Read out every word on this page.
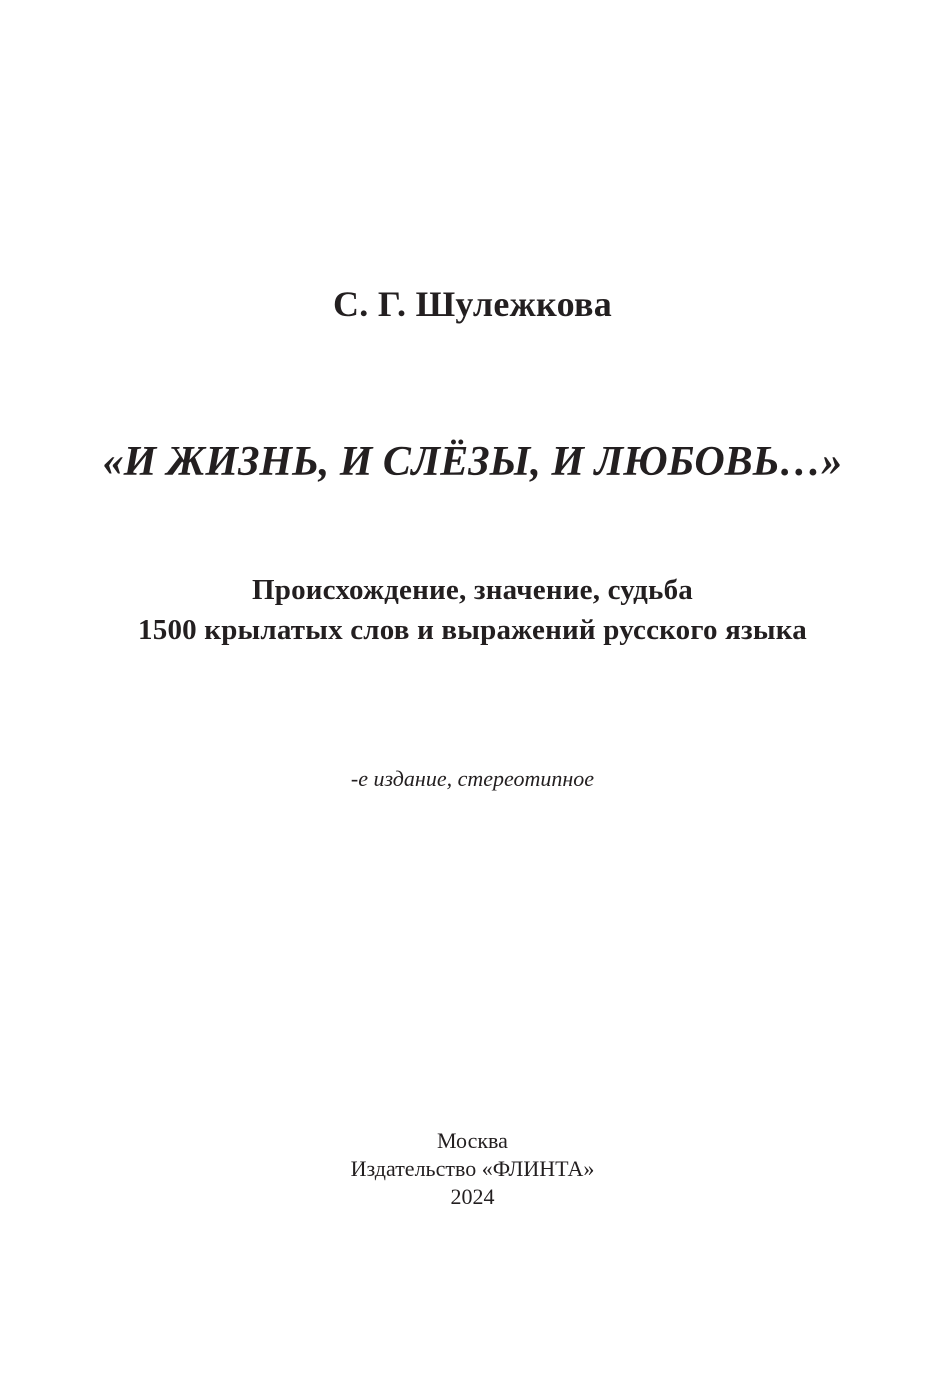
С. Г. Шулежкова
«И ЖИЗНЬ, И СЛЁЗЫ, И ЛЮБОВЬ…»
Происхождение, значение, судьба
1500 крылатых слов и выражений русского языка
-е издание, стереотипное
Москва
Издательство «ФЛИНТА»
2024
